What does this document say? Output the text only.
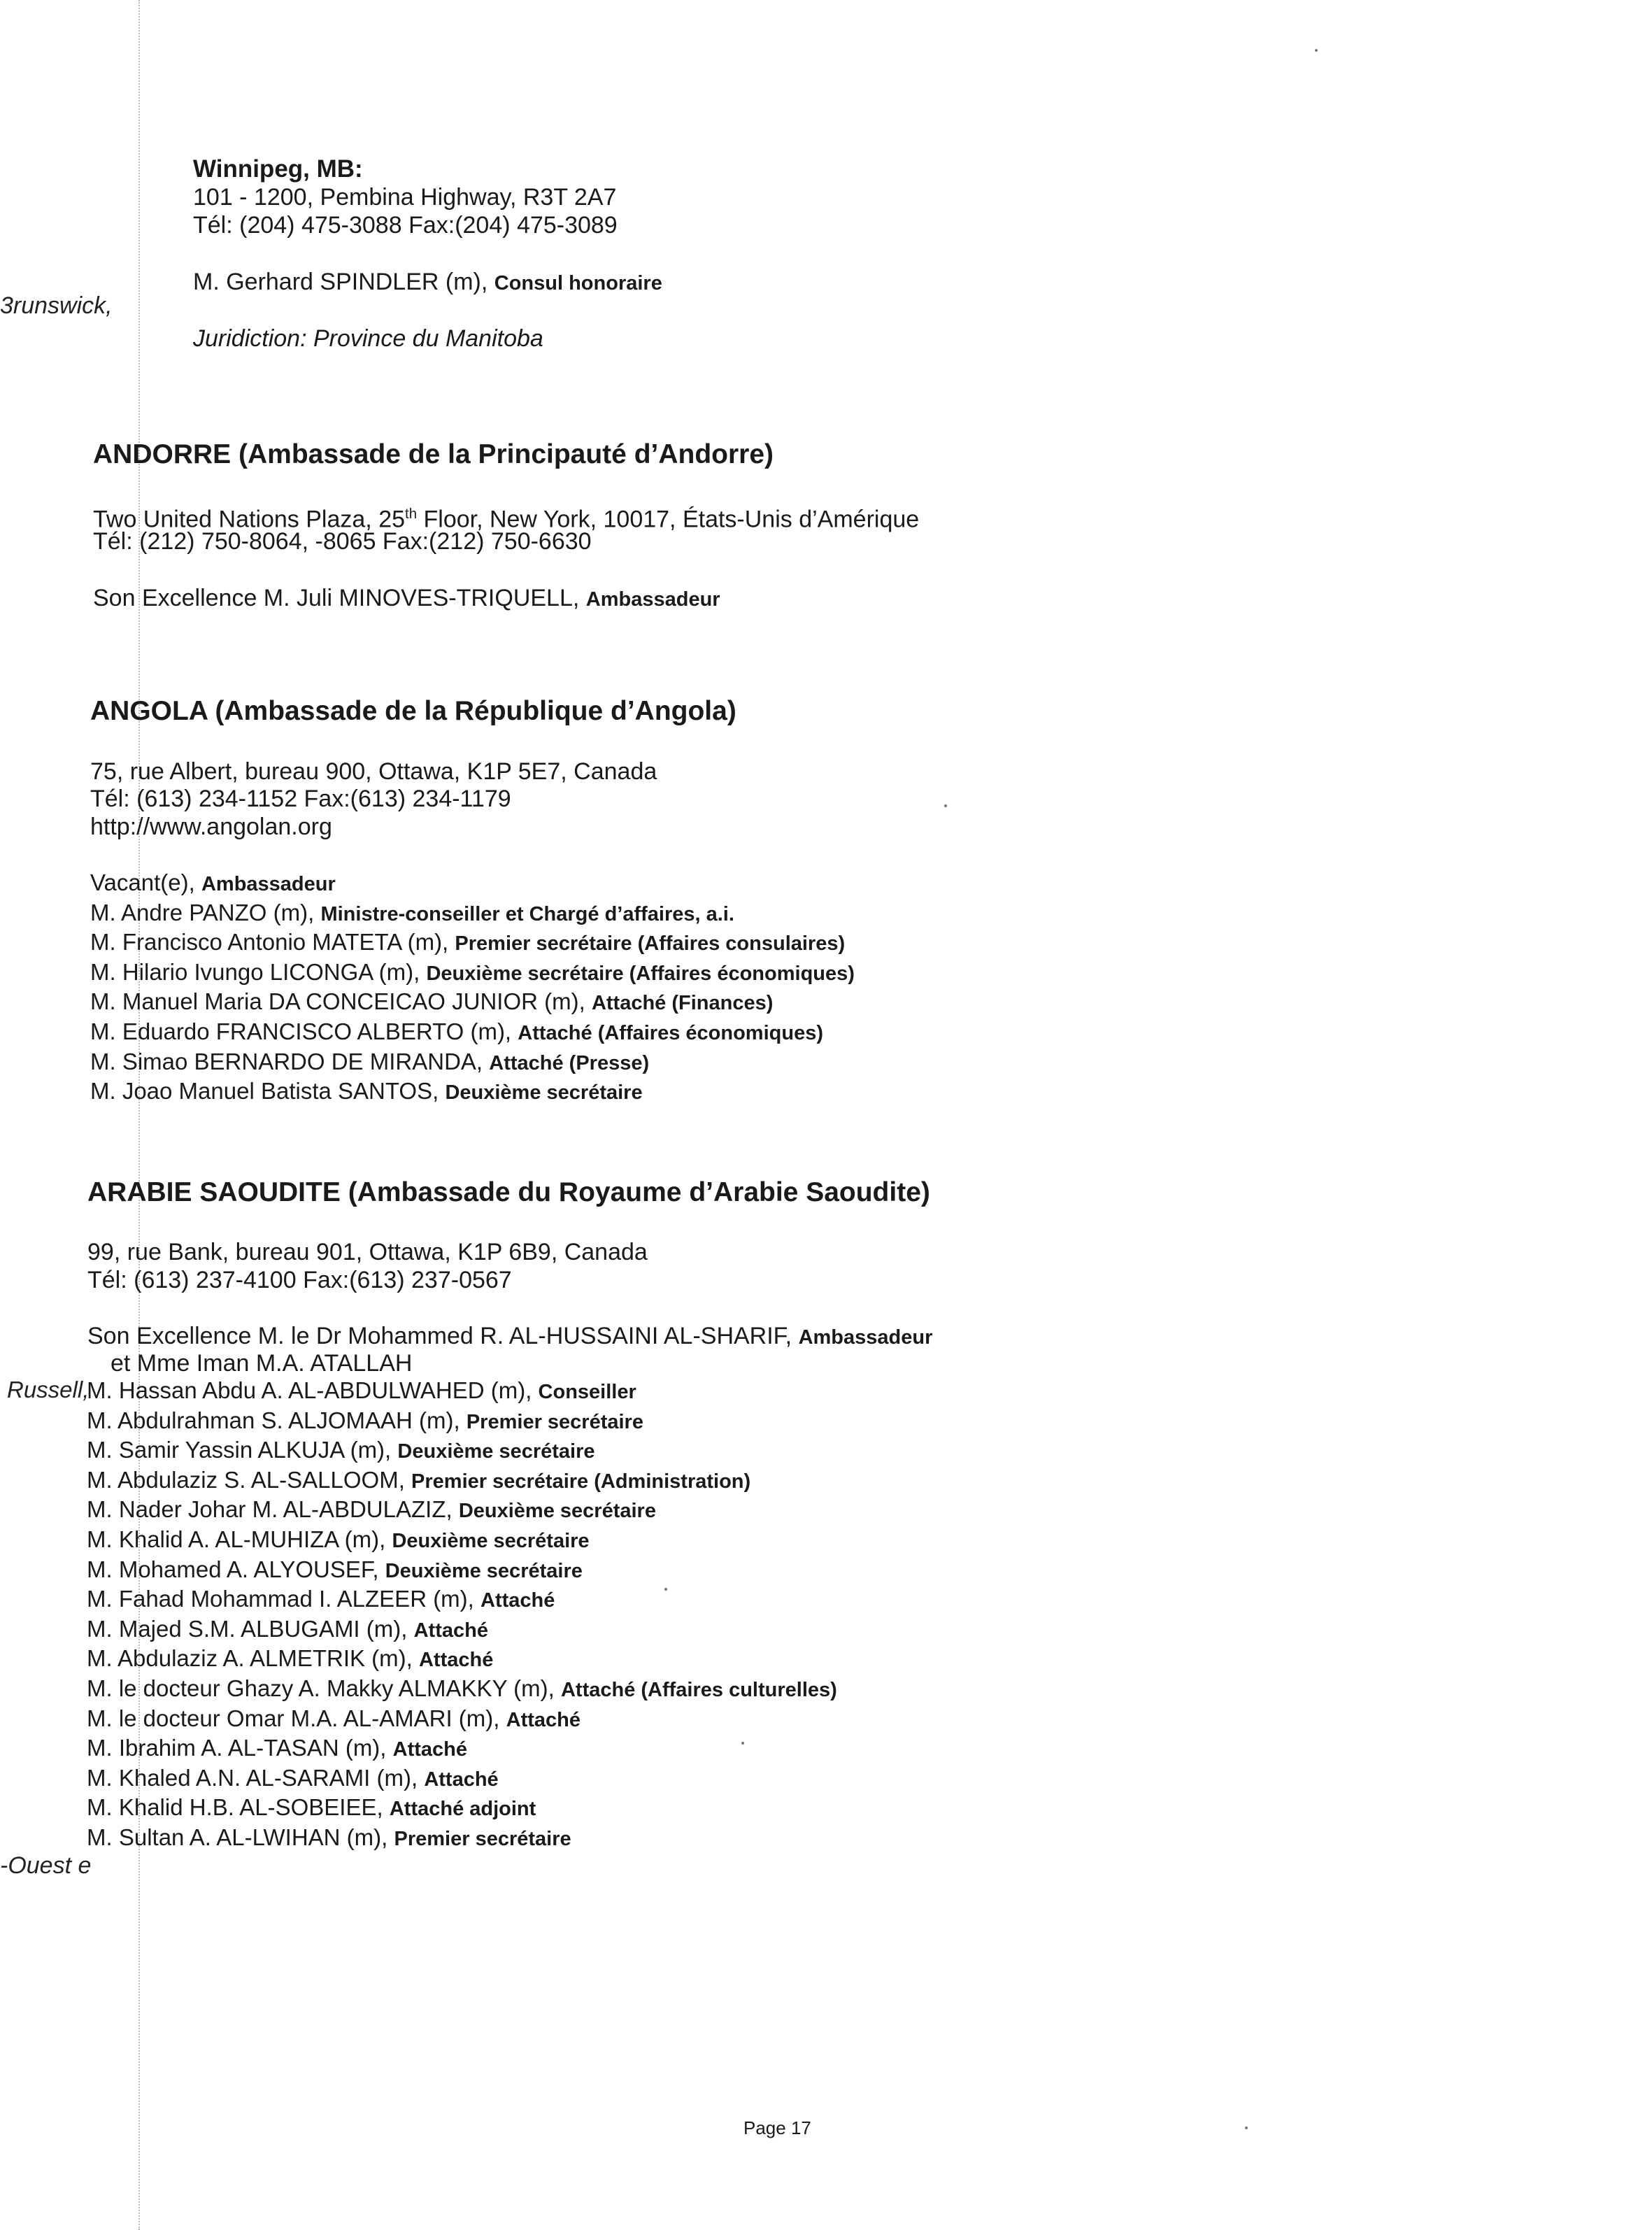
3runswick,
Russell,
-Ouest e
Winnipeg, MB:
101 - 1200, Pembina Highway, R3T 2A7
Tél: (204) 475-3088 Fax:(204) 475-3089
M. Gerhard SPINDLER (m), Consul honoraire
Juridiction: Province du Manitoba
ANDORRE (Ambassade de la Principauté d’Andorre)
Two United Nations Plaza, 25th Floor, New York, 10017, États-Unis d’Amérique
Tél: (212) 750-8064, -8065 Fax:(212) 750-6630
Son Excellence M. Juli MINOVES-TRIQUELL, Ambassadeur
ANGOLA (Ambassade de la République d’Angola)
75, rue Albert, bureau 900, Ottawa, K1P 5E7, Canada
Tél: (613) 234-1152 Fax:(613) 234-1179
http://www.angolan.org
Vacant(e), Ambassadeur
M. Andre PANZO (m), Ministre-conseiller et Chargé d’affaires, a.i.
M. Francisco Antonio MATETA (m), Premier secrétaire (Affaires consulaires)
M. Hilario Ivungo LICONGA (m), Deuxième secrétaire (Affaires économiques)
M. Manuel Maria DA CONCEICAO JUNIOR (m), Attaché (Finances)
M. Eduardo FRANCISCO ALBERTO (m), Attaché (Affaires économiques)
M. Simao BERNARDO DE MIRANDA, Attaché (Presse)
M. Joao Manuel Batista SANTOS, Deuxième secrétaire
ARABIE SAOUDITE (Ambassade du Royaume d’Arabie Saoudite)
99, rue Bank, bureau 901, Ottawa, K1P 6B9, Canada
Tél: (613) 237-4100 Fax:(613) 237-0567
Son Excellence M. le Dr Mohammed R. AL-HUSSAINI AL-SHARIF, Ambassadeur
et Mme Iman M.A. ATALLAH
M. Hassan Abdu A. AL-ABDULWAHED (m), Conseiller
M. Abdulrahman S. ALJOMAAH (m), Premier secrétaire
M. Samir Yassin ALKUJA (m), Deuxième secrétaire
M. Abdulaziz S. AL-SALLOOM, Premier secrétaire (Administration)
M. Nader Johar M. AL-ABDULAZIZ, Deuxième secrétaire
M. Khalid A. AL-MUHIZA (m), Deuxième secrétaire
M. Mohamed A. ALYOUSEF, Deuxième secrétaire
M. Fahad Mohammad I. ALZEER (m), Attaché
M. Majed S.M. ALBUGAMI (m), Attaché
M. Abdulaziz A. ALMETRIK (m), Attaché
M. le docteur Ghazy A. Makky ALMAKKY (m), Attaché (Affaires culturelles)
M. le docteur Omar M.A. AL-AMARI (m), Attaché
M. Ibrahim A. AL-TASAN (m), Attaché
M. Khaled A.N. AL-SARAMI (m), Attaché
M. Khalid H.B. AL-SOBEIEE, Attaché adjoint
M. Sultan A. AL-LWIHAN (m), Premier secrétaire
Page 17
